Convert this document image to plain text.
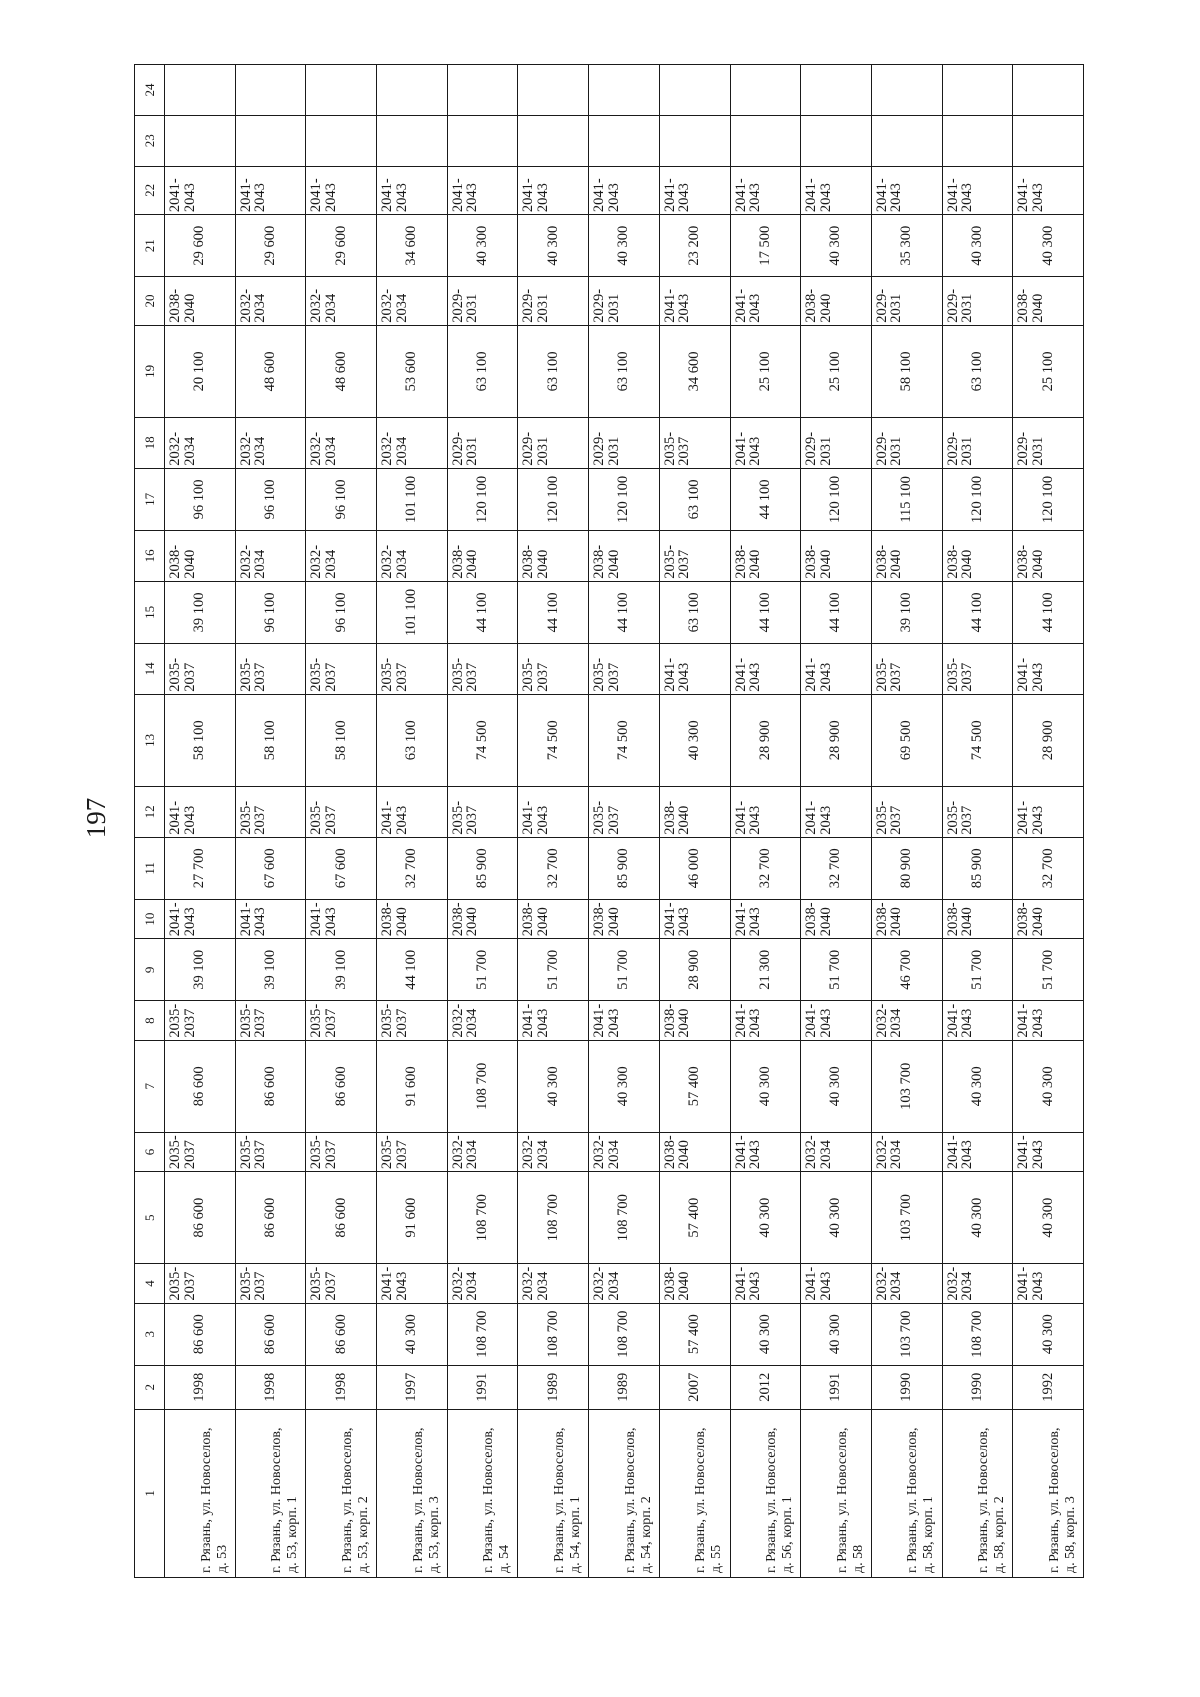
197
1	2	3	4	5	6	7	8	9	10	11	12	13	14	15	16	17	18	19	20	21	22	23	24
г. Рязань, ул. Новоселов, д. 53	1998	86 600	2035-2037	86 600	2035-2037	86 600	2035-2037	39 100	2041-2043	27 700	2041-2043	58 100	2035-2037	39 100	2038-2040	96 100	2032-2034	20 100	2038-2040	29 600	2041-2043		
г. Рязань, ул. Новоселов, д. 53, корп. 1	1998	86 600	2035-2037	86 600	2035-2037	86 600	2035-2037	39 100	2041-2043	67 600	2035-2037	58 100	2035-2037	96 100	2032-2034	96 100	2032-2034	48 600	2032-2034	29 600	2041-2043		
г. Рязань, ул. Новоселов, д. 53, корп. 2	1998	86 600	2035-2037	86 600	2035-2037	86 600	2035-2037	39 100	2041-2043	67 600	2035-2037	58 100	2035-2037	96 100	2032-2034	96 100	2032-2034	48 600	2032-2034	29 600	2041-2043		
г. Рязань, ул. Новоселов, д. 53, корп. 3	1997	40 300	2041-2043	91 600	2035-2037	91 600	2035-2037	44 100	2038-2040	32 700	2041-2043	63 100	2035-2037	101 100	2032-2034	101 100	2032-2034	53 600	2032-2034	34 600	2041-2043		
г. Рязань, ул. Новоселов, д. 54	1991	108 700	2032-2034	108 700	2032-2034	108 700	2032-2034	51 700	2038-2040	85 900	2035-2037	74 500	2035-2037	44 100	2038-2040	120 100	2029-2031	63 100	2029-2031	40 300	2041-2043		
г. Рязань, ул. Новоселов, д. 54, корп. 1	1989	108 700	2032-2034	108 700	2032-2034	40 300	2041-2043	51 700	2038-2040	32 700	2041-2043	74 500	2035-2037	44 100	2038-2040	120 100	2029-2031	63 100	2029-2031	40 300	2041-2043		
г. Рязань, ул. Новоселов, д. 54, корп. 2	1989	108 700	2032-2034	108 700	2032-2034	40 300	2041-2043	51 700	2038-2040	85 900	2035-2037	74 500	2035-2037	44 100	2038-2040	120 100	2029-2031	63 100	2029-2031	40 300	2041-2043		
г. Рязань, ул. Новоселов, д. 55	2007	57 400	2038-2040	57 400	2038-2040	57 400	2038-2040	28 900	2041-2043	46 000	2038-2040	40 300	2041-2043	63 100	2035-2037	63 100	2035-2037	34 600	2041-2043	23 200	2041-2043		
г. Рязань, ул. Новоселов, д. 56, корп. 1	2012	40 300	2041-2043	40 300	2041-2043	40 300	2041-2043	21 300	2041-2043	32 700	2041-2043	28 900	2041-2043	44 100	2038-2040	44 100	2041-2043	25 100	2041-2043	17 500	2041-2043		
г. Рязань, ул. Новоселов, д. 58	1991	40 300	2041-2043	40 300	2032-2034	40 300	2041-2043	51 700	2038-2040	32 700	2041-2043	28 900	2041-2043	44 100	2038-2040	120 100	2029-2031	25 100	2038-2040	40 300	2041-2043		
г. Рязань, ул. Новоселов, д. 58, корп. 1	1990	103 700	2032-2034	103 700	2032-2034	103 700	2032-2034	46 700	2038-2040	80 900	2035-2037	69 500	2035-2037	39 100	2038-2040	115 100	2029-2031	58 100	2029-2031	35 300	2041-2043		
г. Рязань, ул. Новоселов, д. 58, корп. 2	1990	108 700	2032-2034	40 300	2041-2043	40 300	2041-2043	51 700	2038-2040	85 900	2035-2037	74 500	2035-2037	44 100	2038-2040	120 100	2029-2031	63 100	2029-2031	40 300	2041-2043		
г. Рязань, ул. Новоселов, д. 58, корп. 3	1992	40 300	2041-2043	40 300	2041-2043	40 300	2041-2043	51 700	2038-2040	32 700	2041-2043	28 900	2041-2043	44 100	2038-2040	120 100	2029-2031	25 100	2038-2040	40 300	2041-2043		
